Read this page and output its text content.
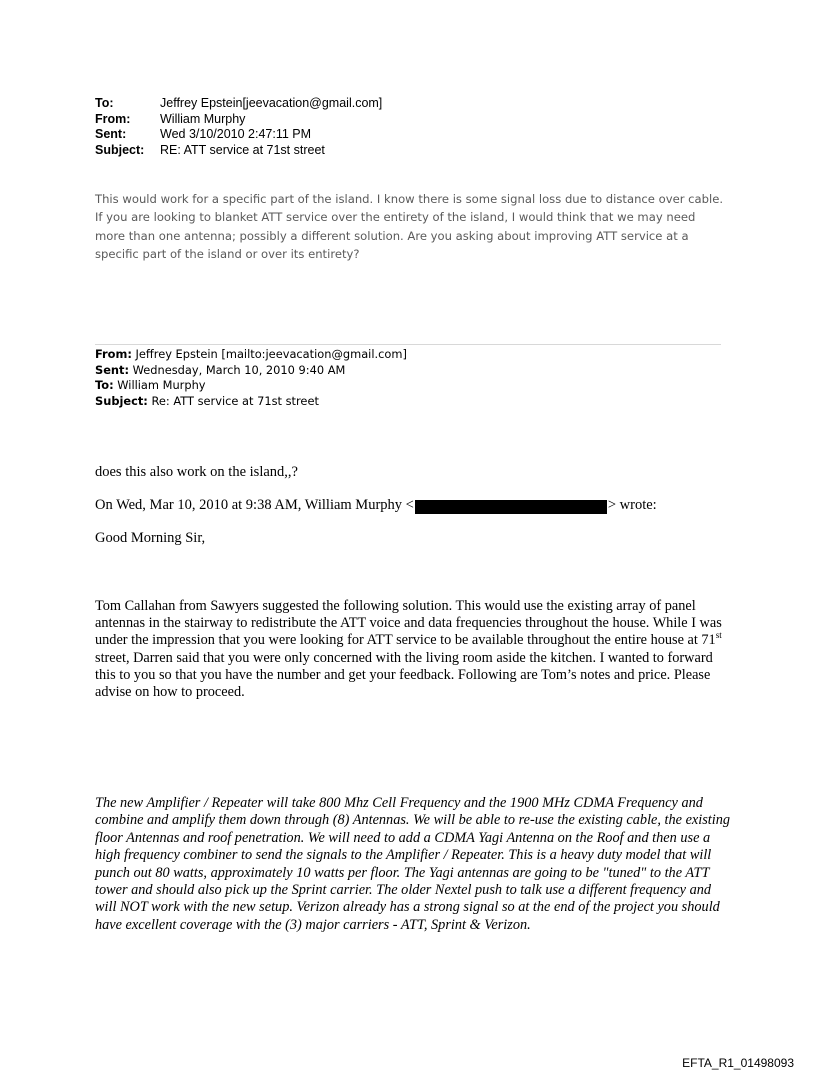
To:	Jeffrey Epstein[jeevacation@gmail.com]
From:	William Murphy
Sent:	Wed 3/10/2010 2:47:11 PM
Subject:	RE: ATT service at 71st street
This would work for a specific part of the island. I know there is some signal loss due to distance over cable. If you are looking to blanket ATT service over the entirety of the island, I would think that we may need more than one antenna; possibly a different solution. Are you asking about improving ATT service at a specific part of the island or over its entirety?
From: Jeffrey Epstein [mailto:jeevacation@gmail.com]
Sent: Wednesday, March 10, 2010 9:40 AM
To: William Murphy
Subject: Re: ATT service at 71st street
does this also work on the island,,?
On Wed, Mar 10, 2010 at 9:38 AM, William Murphy <	> wrote:
Good Morning Sir,
Tom Callahan from Sawyers suggested the following solution. This would use the existing array of panel antennas in the stairway to redistribute the ATT voice and data frequencies throughout the house. While I was under the impression that you were looking for ATT service to be available throughout the entire house at 71st street, Darren said that you were only concerned with the living room aside the kitchen. I wanted to forward this to you so that you have the number and get your feedback. Following are Tom’s notes and price. Please advise on how to proceed.
The new Amplifier / Repeater will take 800 Mhz Cell Frequency and the 1900 MHz CDMA Frequency and combine and amplify them down through (8) Antennas. We will be able to re-use the existing cable, the existing floor Antennas and roof penetration. We will need to add a CDMA Yagi Antenna on the Roof and then use a high frequency combiner to send the signals to the Amplifier / Repeater. This is a heavy duty model that will punch out 80 watts, approximately 10 watts per floor. The Yagi antennas are going to be "tuned" to the ATT tower and should also pick up the Sprint carrier. The older Nextel push to talk use a different frequency and will NOT work with the new setup. Verizon already has a strong signal so at the end of the project you should have excellent coverage with the (3) major carriers - ATT, Sprint & Verizon.
EFTA_R1_01498093
